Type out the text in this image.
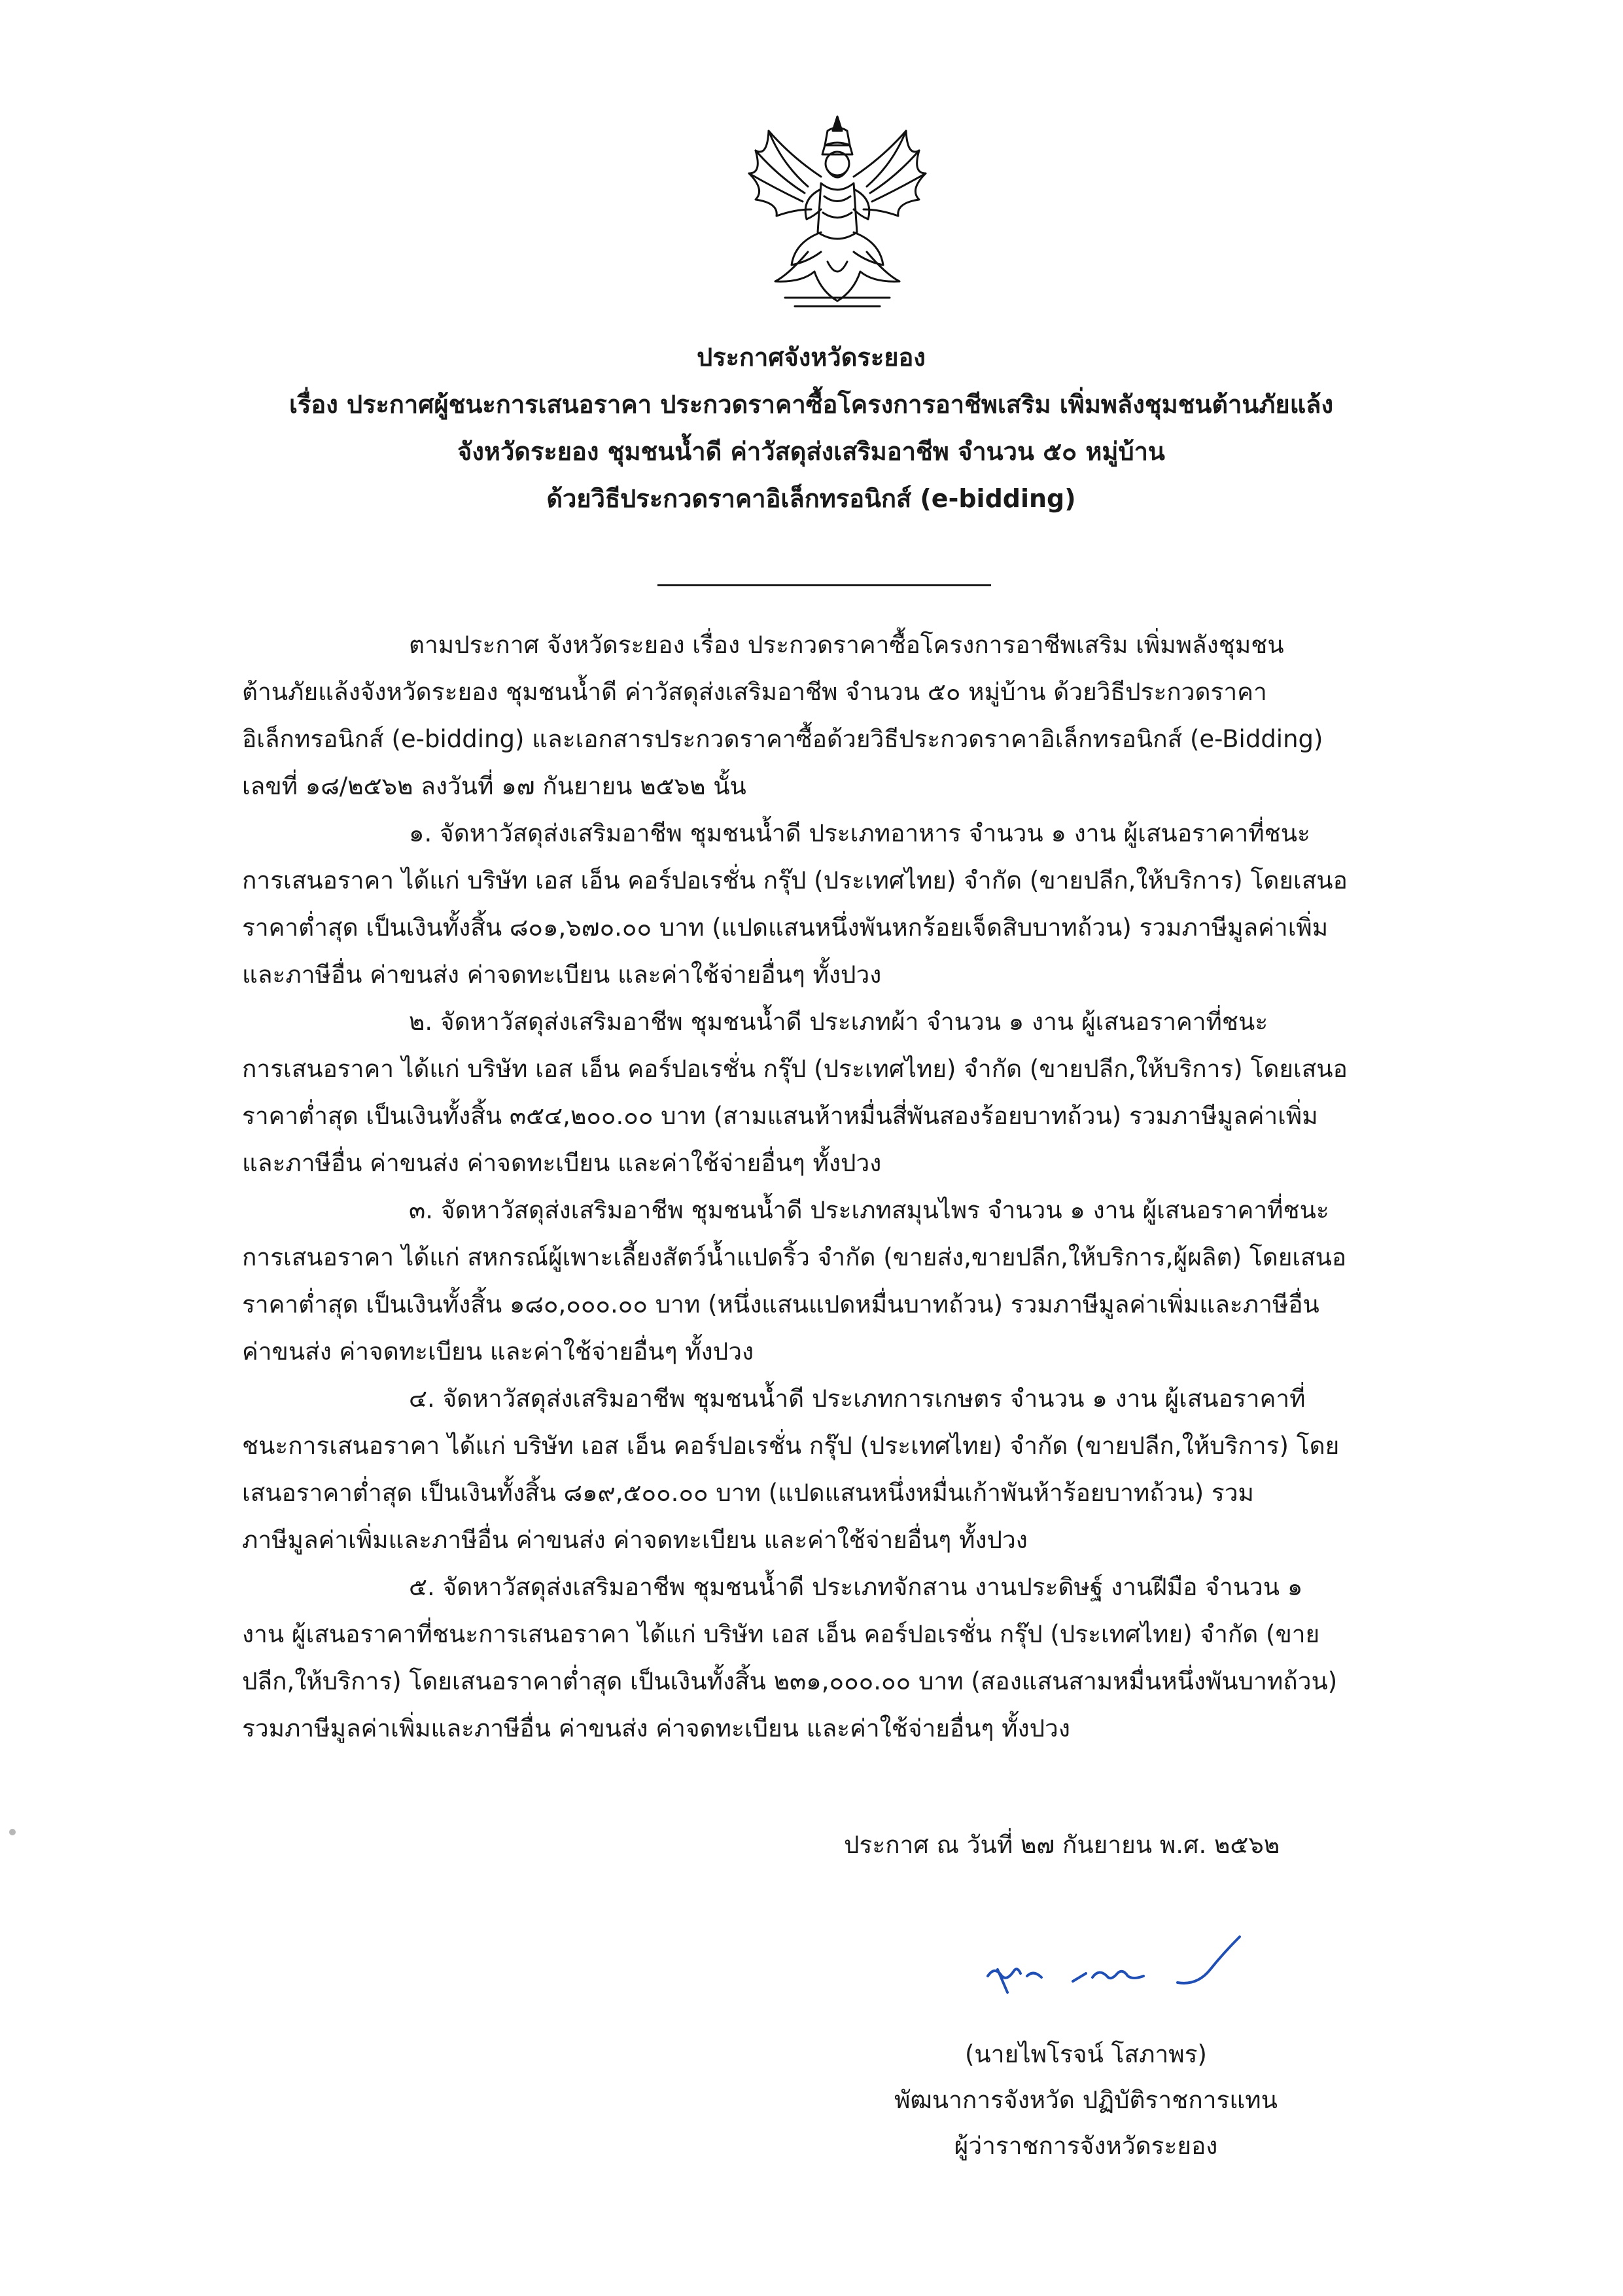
ประกาศจังหวัดระยอง
เรื่อง ประกาศผู้ชนะการเสนอราคา ประกวดราคาซื้อโครงการอาชีพเสริม เพิ่มพลังชุมชนต้านภัยแล้ง
จังหวัดระยอง ชุมชนน้ำดี ค่าวัสดุส่งเสริมอาชีพ จำนวน ๕๐ หมู่บ้าน
ด้วยวิธีประกวดราคาอิเล็กทรอนิกส์ (e-bidding)
ตามประกาศ จังหวัดระยอง เรื่อง ประกวดราคาซื้อโครงการอาชีพเสริม เพิ่มพลังชุมชน
ต้านภัยแล้งจังหวัดระยอง ชุมชนน้ำดี ค่าวัสดุส่งเสริมอาชีพ จำนวน ๕๐ หมู่บ้าน ด้วยวิธีประกวดราคา
อิเล็กทรอนิกส์ (e-bidding) และเอกสารประกวดราคาซื้อด้วยวิธีประกวดราคาอิเล็กทรอนิกส์ (e-Bidding)
เลขที่ ๑๘/๒๕๖๒ ลงวันที่ ๑๗ กันยายน ๒๕๖๒ นั้น
๑. จัดหาวัสดุส่งเสริมอาชีพ ชุมชนน้ำดี ประเภทอาหาร จำนวน ๑ งาน ผู้เสนอราคาที่ชนะ
การเสนอราคา ได้แก่ บริษัท เอส เอ็น คอร์ปอเรชั่น กรุ๊ป (ประเทศไทย) จำกัด (ขายปลีก,ให้บริการ) โดยเสนอ
ราคาต่ำสุด เป็นเงินทั้งสิ้น ๘๐๑,๖๗๐.๐๐ บาท (แปดแสนหนึ่งพันหกร้อยเจ็ดสิบบาทถ้วน) รวมภาษีมูลค่าเพิ่ม
และภาษีอื่น ค่าขนส่ง ค่าจดทะเบียน และค่าใช้จ่ายอื่นๆ ทั้งปวง
๒. จัดหาวัสดุส่งเสริมอาชีพ ชุมชนน้ำดี ประเภทผ้า จำนวน ๑ งาน ผู้เสนอราคาที่ชนะ
การเสนอราคา ได้แก่ บริษัท เอส เอ็น คอร์ปอเรชั่น กรุ๊ป (ประเทศไทย) จำกัด (ขายปลีก,ให้บริการ) โดยเสนอ
ราคาต่ำสุด เป็นเงินทั้งสิ้น ๓๕๔,๒๐๐.๐๐ บาท (สามแสนห้าหมื่นสี่พันสองร้อยบาทถ้วน) รวมภาษีมูลค่าเพิ่ม
และภาษีอื่น ค่าขนส่ง ค่าจดทะเบียน และค่าใช้จ่ายอื่นๆ ทั้งปวง
๓. จัดหาวัสดุส่งเสริมอาชีพ ชุมชนน้ำดี ประเภทสมุนไพร จำนวน ๑ งาน ผู้เสนอราคาที่ชนะ
การเสนอราคา ได้แก่ สหกรณ์ผู้เพาะเลี้ยงสัตว์น้ำแปดริ้ว จำกัด (ขายส่ง,ขายปลีก,ให้บริการ,ผู้ผลิต) โดยเสนอ
ราคาต่ำสุด เป็นเงินทั้งสิ้น ๑๘๐,๐๐๐.๐๐ บาท (หนึ่งแสนแปดหมื่นบาทถ้วน) รวมภาษีมูลค่าเพิ่มและภาษีอื่น
ค่าขนส่ง ค่าจดทะเบียน และค่าใช้จ่ายอื่นๆ ทั้งปวง
๔. จัดหาวัสดุส่งเสริมอาชีพ ชุมชนน้ำดี ประเภทการเกษตร จำนวน ๑ งาน ผู้เสนอราคาที่
ชนะการเสนอราคา ได้แก่ บริษัท เอส เอ็น คอร์ปอเรชั่น กรุ๊ป (ประเทศไทย) จำกัด (ขายปลีก,ให้บริการ) โดย
เสนอราคาต่ำสุด เป็นเงินทั้งสิ้น ๘๑๙,๕๐๐.๐๐ บาท (แปดแสนหนึ่งหมื่นเก้าพันห้าร้อยบาทถ้วน) รวม
ภาษีมูลค่าเพิ่มและภาษีอื่น ค่าขนส่ง ค่าจดทะเบียน และค่าใช้จ่ายอื่นๆ ทั้งปวง
๕. จัดหาวัสดุส่งเสริมอาชีพ ชุมชนน้ำดี ประเภทจักสาน งานประดิษฐ์ งานฝีมือ จำนวน ๑
งาน ผู้เสนอราคาที่ชนะการเสนอราคา ได้แก่ บริษัท เอส เอ็น คอร์ปอเรชั่น กรุ๊ป (ประเทศไทย) จำกัด (ขาย
ปลีก,ให้บริการ) โดยเสนอราคาต่ำสุด เป็นเงินทั้งสิ้น ๒๓๑,๐๐๐.๐๐ บาท (สองแสนสามหมื่นหนึ่งพันบาทถ้วน)
รวมภาษีมูลค่าเพิ่มและภาษีอื่น ค่าขนส่ง ค่าจดทะเบียน และค่าใช้จ่ายอื่นๆ ทั้งปวง
ประกาศ ณ วันที่ ๒๗ กันยายน พ.ศ. ๒๕๖๒
(นายไพโรจน์ โสภาพร)
พัฒนาการจังหวัด ปฏิบัติราชการแทน
ผู้ว่าราชการจังหวัดระยอง
